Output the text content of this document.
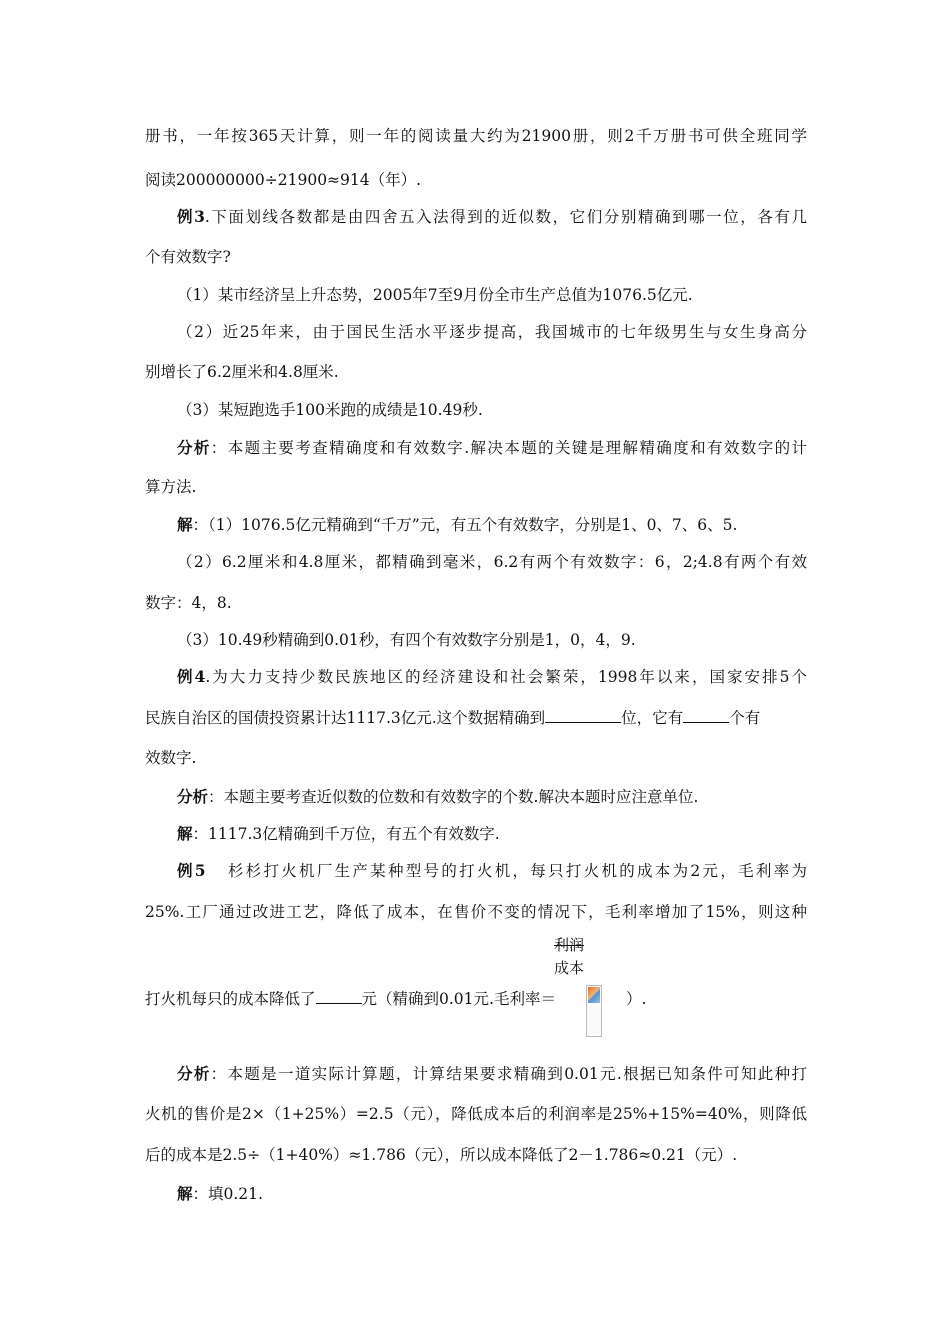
册书，一年按365天计算，则一年的阅读量大约为21900册，则2千万册书可供全班同学
阅读200000000÷21900≈914（年）.
例3.下面划线各数都是由四舍五入法得到的近似数，它们分别精确到哪一位，各有几
个有效数字?
（1）某市经济呈上升态势，2005年7至9月份全市生产总值为1076.5亿元.
（2）近25年来，由于国民生活水平逐步提高，我国城市的七年级男生与女生身高分
别增长了6.2厘米和4.8厘米.
（3）某短跑选手100米跑的成绩是10.49秒.
分析：本题主要考查精确度和有效数字.解决本题的关键是理解精确度和有效数字的计
算方法.
解：（1）1076.5亿元精确到“千万”元，有五个有效数字，分别是1、0、7、6、5.
（2）6.2厘米和4.8厘米，都精确到毫米，6.2有两个有效数字：6，2;4.8有两个有效
数字：4，8.
（3）10.49秒精确到0.01秒，有四个有效数字分别是1，0，4，9.
例4.为大力支持少数民族地区的经济建设和社会繁荣，1998年以来，国家安排5个
民族自治区的国债投资累计达1117.3亿元.这个数据精确到	位，它有	个有
效数字.
分析：本题主要考查近似数的位数和有效数字的个数.解决本题时应注意单位.
解：1117.3亿精确到千万位，有五个有效数字.
例5 杉杉打火机厂生产某种型号的打火机，每只打火机的成本为2元，毛利率为
25%.工厂通过改进工艺，降低了成本，在售价不变的情况下，毛利率增加了15%，则这种
利润
成本
打火机每只的成本降低了	元（精确到0.01元.毛利率＝	）.
分析：本题是一道实际计算题，计算结果要求精确到0.01元.根据已知条件可知此种打
火机的售价是2×（1+25%）=2.5（元），降低成本后的利润率是25%+15%=40%，则降低
后的成本是2.5÷（1+40%）≈1.786（元），所以成本降低了2－1.786≈0.21（元）.
解：填0.21.
